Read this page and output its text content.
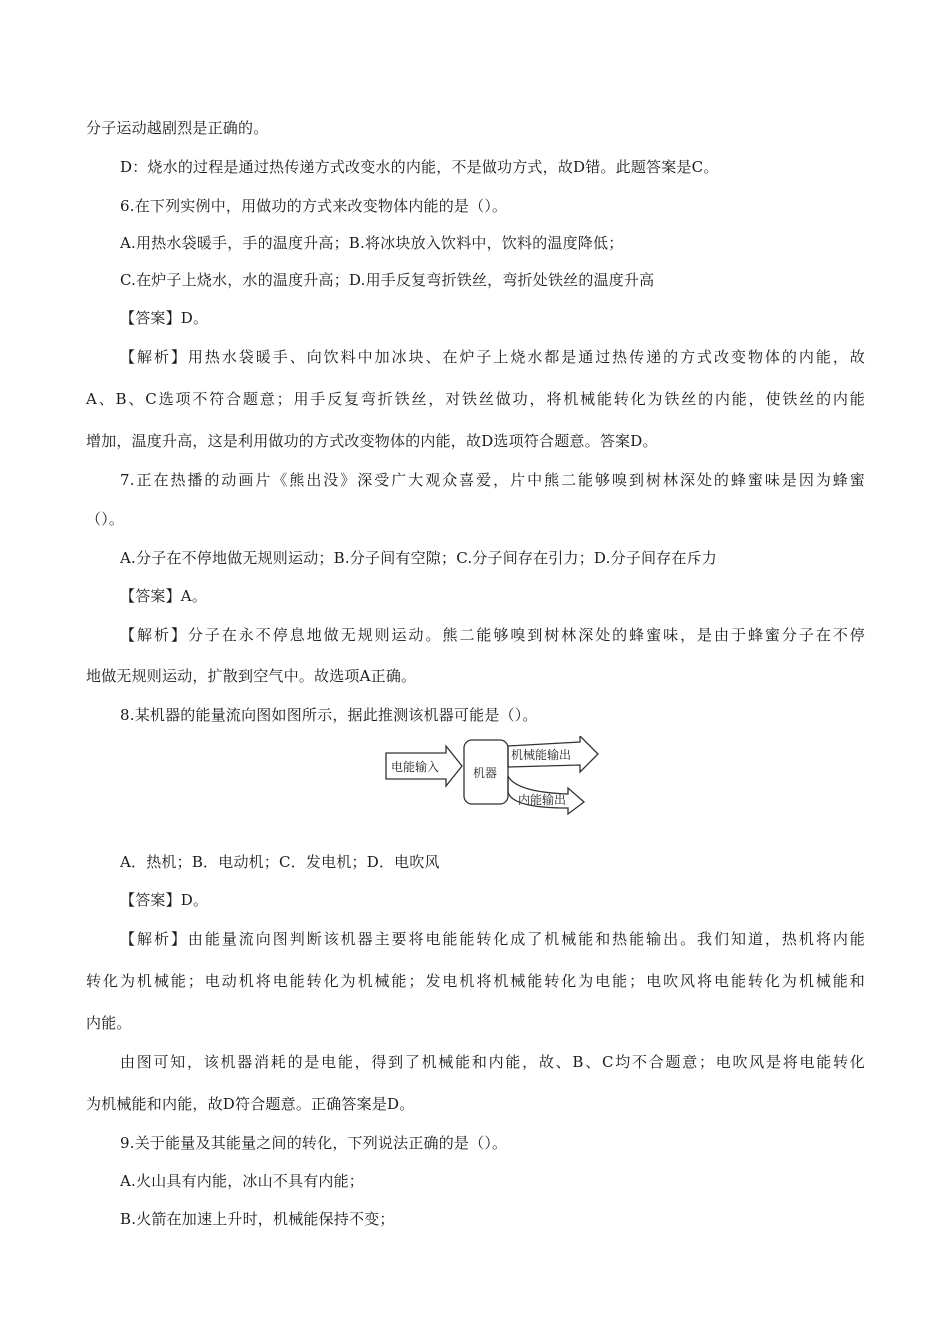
分子运动越剧烈是正确的。
D：烧水的过程是通过热传递方式改变水的内能，不是做功方式，故D错。此题答案是C。
6.在下列实例中，用做功的方式来改变物体内能的是（）。
A.用热水袋暖手，手的温度升高；B.将冰块放入饮料中，饮料的温度降低；
C.在炉子上烧水，水的温度升高；D.用手反复弯折铁丝，弯折处铁丝的温度升高
【答案】D。
【解析】用热水袋暖手、向饮料中加冰块、在炉子上烧水都是通过热传递的方式改变物体的内能，故
A、B、C选项不符合题意；用手反复弯折铁丝，对铁丝做功，将机械能转化为铁丝的内能，使铁丝的内能
增加，温度升高，这是利用做功的方式改变物体的内能，故D选项符合题意。答案D。
7.正在热播的动画片《熊出没》深受广大观众喜爱，片中熊二能够嗅到树林深处的蜂蜜味是因为蜂蜜
（）。
A.分子在不停地做无规则运动；B.分子间有空隙；C.分子间存在引力；D.分子间存在斥力
【答案】A。
【解析】分子在永不停息地做无规则运动。熊二能够嗅到树林深处的蜂蜜味，是由于蜂蜜分子在不停
地做无规则运动，扩散到空气中。故选项A正确。
8.某机器的能量流向图如图所示，据此推测该机器可能是（）。
电能输入	机器
机械能输出
内能输出
A．热机；B．电动机；C．发电机；D．电吹风
【答案】D。
【解析】由能量流向图判断该机器主要将电能能转化成了机械能和热能输出。我们知道，热机将内能
转化为机械能；电动机将电能转化为机械能；发电机将机械能转化为电能；电吹风将电能转化为机械能和
内能。
由图可知，该机器消耗的是电能，得到了机械能和内能，故、B、C均不合题意；电吹风是将电能转化
为机械能和内能，故D符合题意。正确答案是D。
9.关于能量及其能量之间的转化，下列说法正确的是（）。
A.火山具有内能，冰山不具有内能；
B.火箭在加速上升时，机械能保持不变；
